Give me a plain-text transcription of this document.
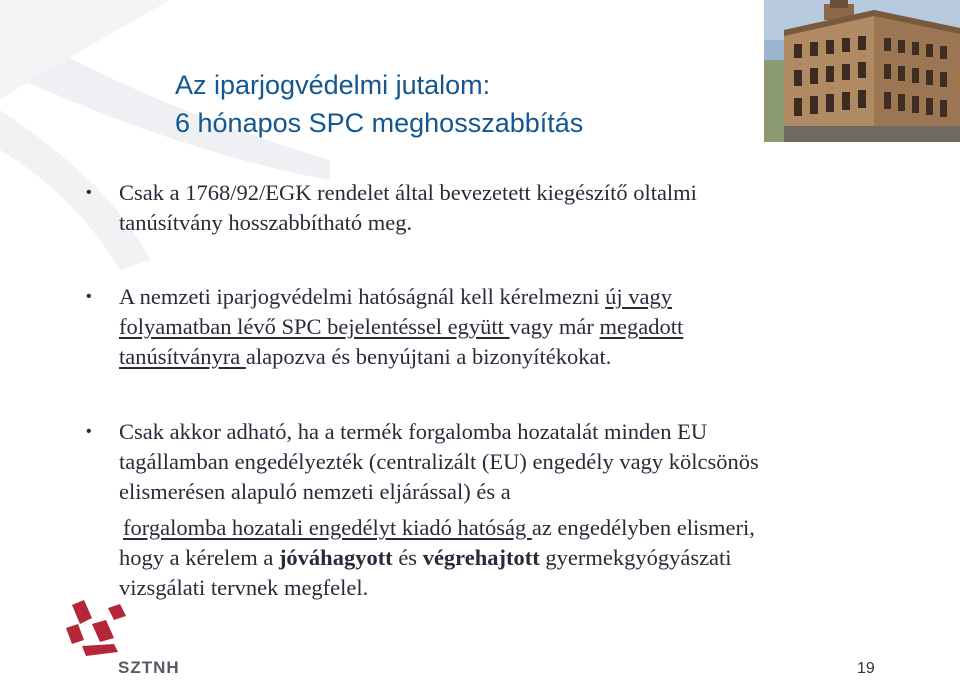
Az iparjogvédelmi jutalom:
6 hónapos SPC meghosszabbítás
• Csak a 1768/92/EGK rendelet által bevezetett kiegészítő oltalmi
tanúsítvány hosszabbítható meg.
• A nemzeti iparjogvédelmi hatóságnál kell kérelmezni új vagy
folyamatban lévő SPC bejelentéssel együtt vagy már megadott
tanúsítványra alapozva és benyújtani a bizonyítékokat.
• Csak akkor adható, ha a termék forgalomba hozatalát minden EU
tagállamban engedélyezték (centralizált (EU) engedély vagy kölcsönös
elismerésen alapuló nemzeti eljárással) és a
forgalomba hozatali engedélyt kiadó hatóság az engedélyben elismeri,
hogy a kérelem a jóváhagyott és végrehajtott gyermekgyógyászati
vizsgálati tervnek megfelel.
SZTNH	19
